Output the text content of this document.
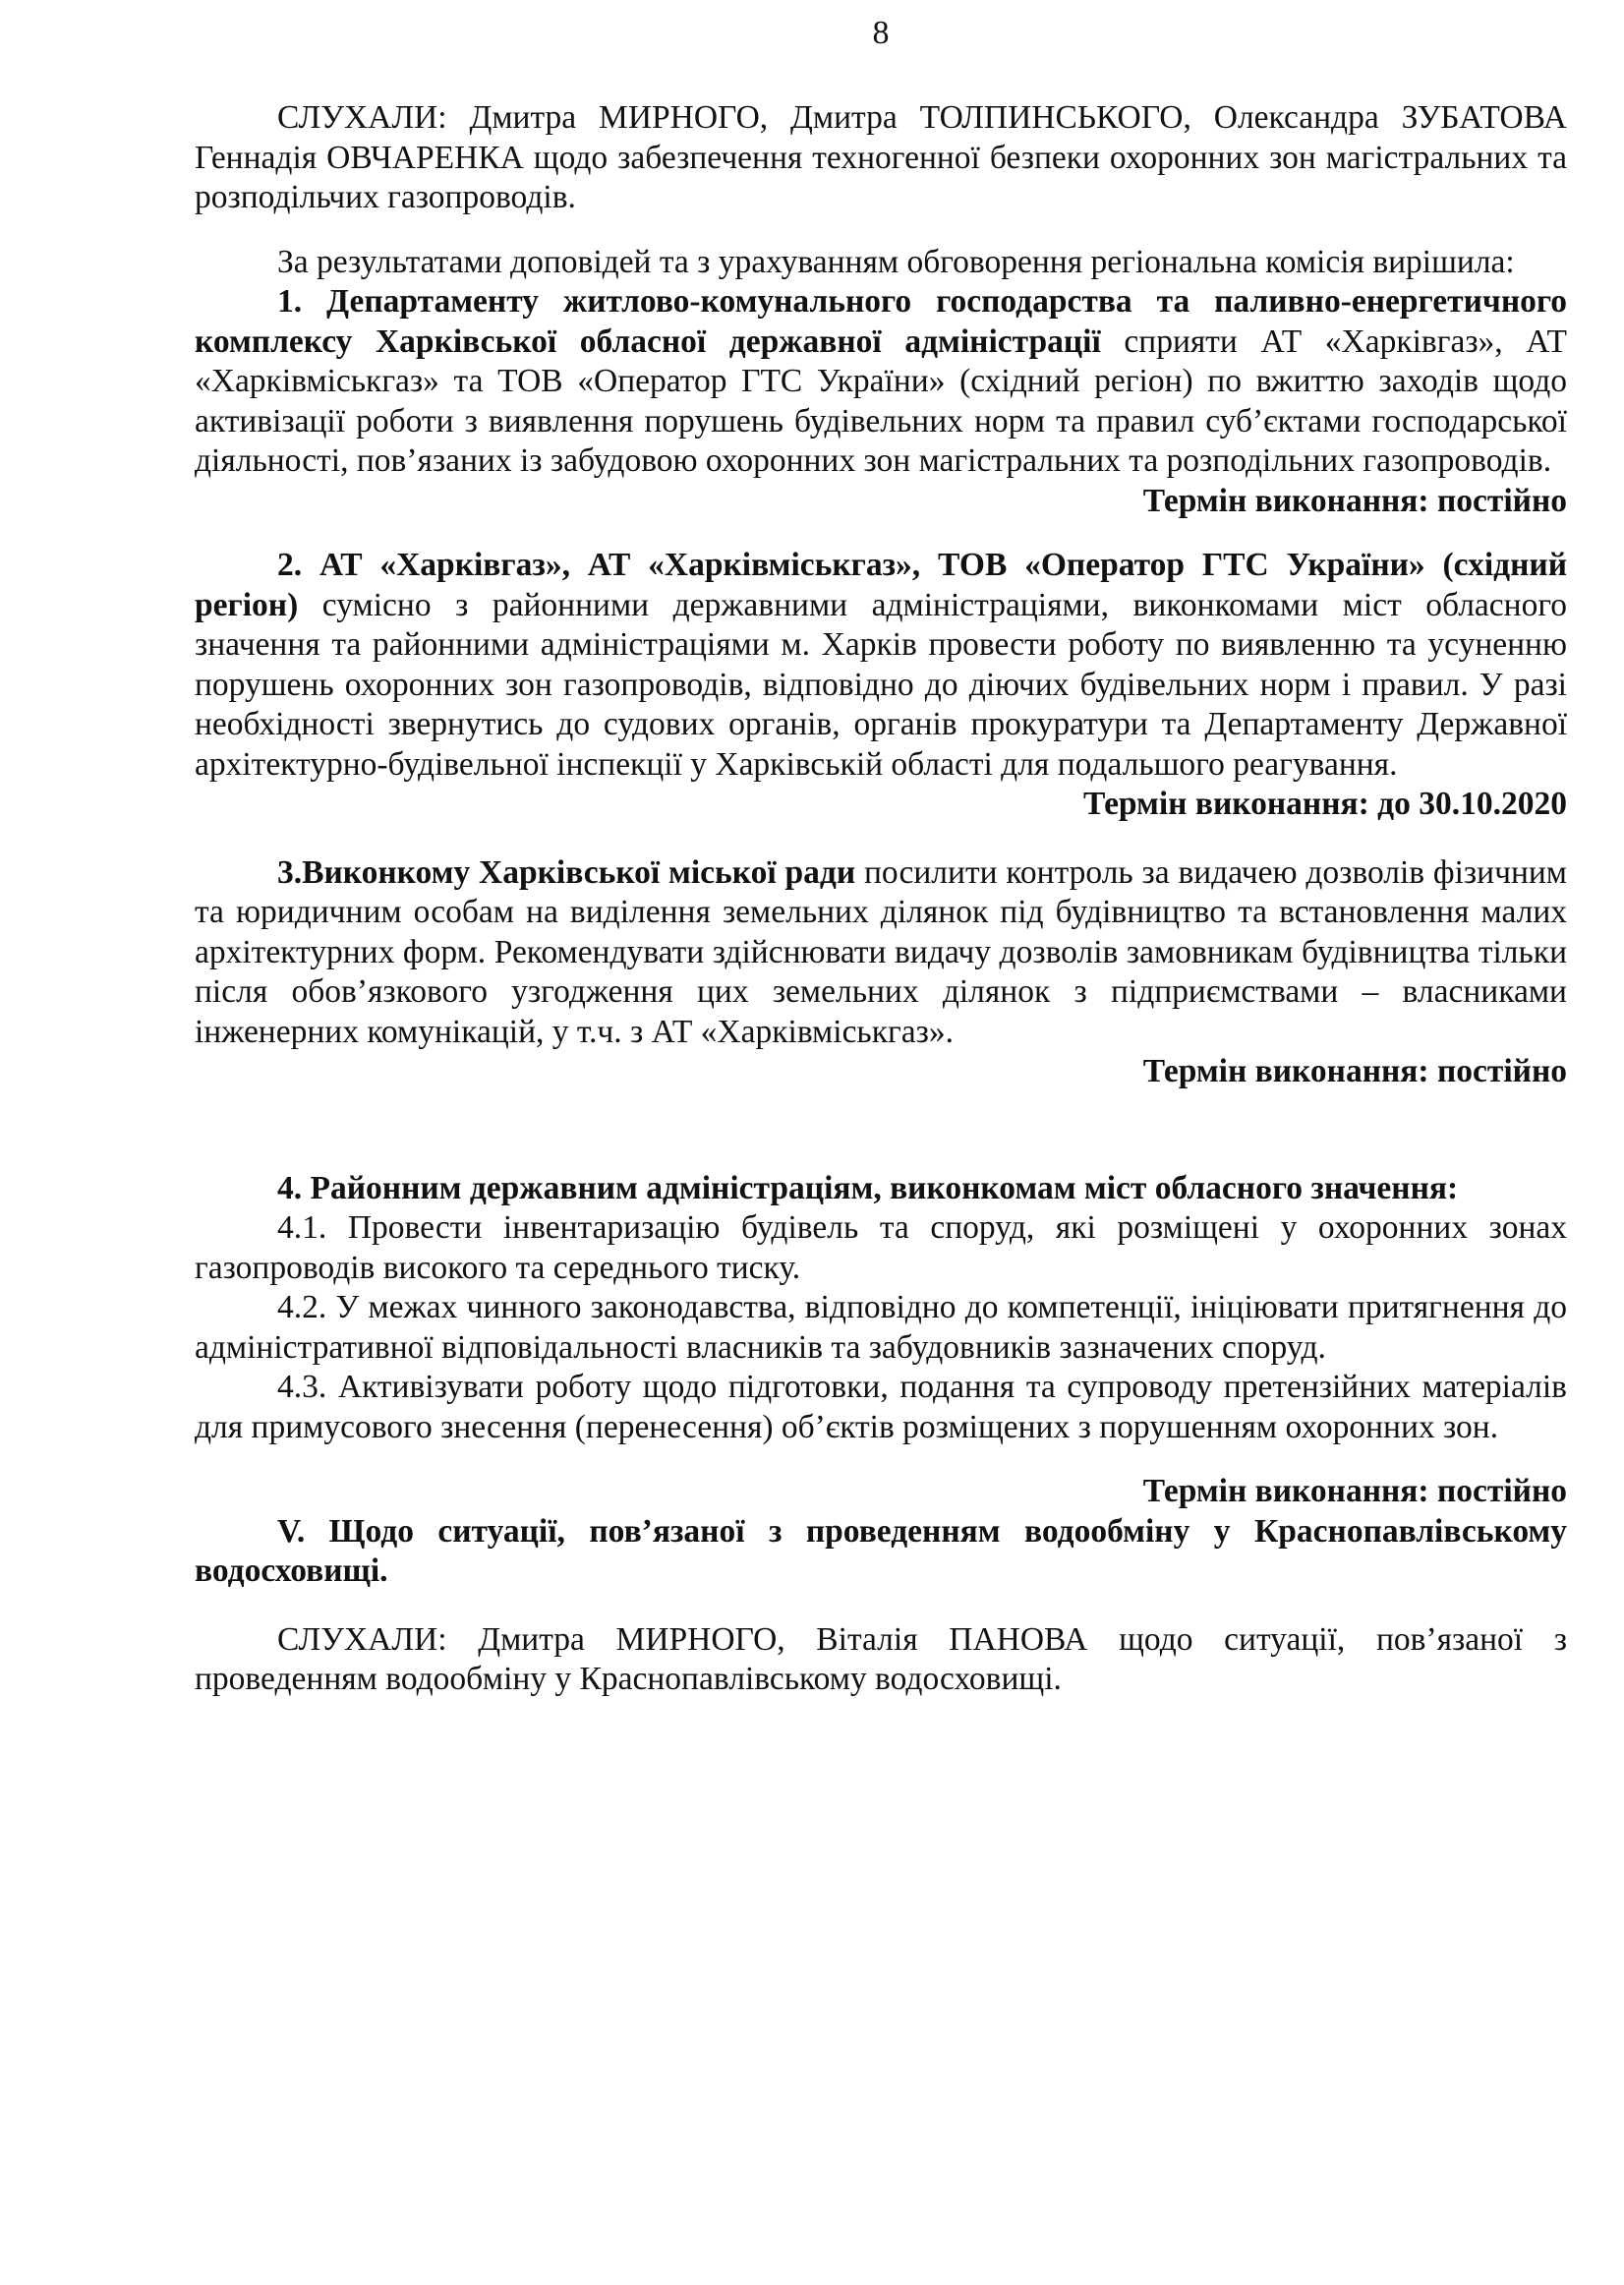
8

СЛУХАЛИ: Дмитра МИРНОГО, Дмитра ТОЛПИНСЬКОГО, Олександра ЗУБАТОВА Геннадія ОВЧАРЕНКА щодо забезпечення техногенної безпеки охоронних зон магістральних та розподільчих газопроводів.

За результатами доповідей та з урахуванням обговорення регіональна комісія вирішила:

1. Департаменту житлово-комунального господарства та паливно-енергетичного комплексу Харківської обласної державної адміністрації сприяти АТ «Харківгаз», АТ «Харківміськгаз» та ТОВ «Оператор ГТС України» (східний регіон) по вжиттю заходів щодо активізації роботи з виявлення порушень будівельних норм та правил суб’єктами господарської діяльності, пов’язаних із забудовою охоронних зон магістральних та розподільних газопроводів.

Термін виконання: постійно

2. АТ «Харківгаз», АТ «Харківміськгаз», ТОВ «Оператор ГТС України» (східний регіон) сумісно з районними державними адміністраціями, виконкомами міст обласного значення та районними адміністраціями м. Харків провести роботу по виявленню та усуненню порушень охоронних зон газопроводів, відповідно до діючих будівельних норм і правил. У разі необхідності звернутись до судових органів, органів прокуратури та Департаменту Державної архітектурно-будівельної інспекції у Харківській області для подальшого реагування.

Термін виконання: до 30.10.2020

3.Виконкому Харківської міської ради посилити контроль за видачею дозволів фізичним та юридичним особам на виділення земельних ділянок під будівництво та встановлення малих архітектурних форм. Рекомендувати здійснювати видачу дозволів замовникам будівництва тільки після обов’язкового узгодження цих земельних ділянок з підприємствами – власниками інженерних комунікацій, у т.ч. з АТ «Харківміськгаз».

Термін виконання: постійно

4. Районним державним адміністраціям, виконкомам міст обласного значення:

4.1. Провести інвентаризацію будівель та споруд, які розміщені у охоронних зонах газопроводів високого та середнього тиску.

4.2. У межах чинного законодавства, відповідно до компетенції, ініціювати притягнення до адміністративної відповідальності власників та забудовників зазначених споруд.

4.3. Активізувати роботу щодо підготовки, подання та супроводу претензійних матеріалів для примусового знесення (перенесення) об’єктів розміщених з порушенням охоронних зон.

Термін виконання: постійно

V. Щодо ситуації, пов’язаної з проведенням водообміну у Краснопавлівському водосховищі.

СЛУХАЛИ: Дмитра МИРНОГО, Віталія ПАНОВА щодо ситуації, пов’язаної з проведенням водообміну у Краснопавлівському водосховищі.
